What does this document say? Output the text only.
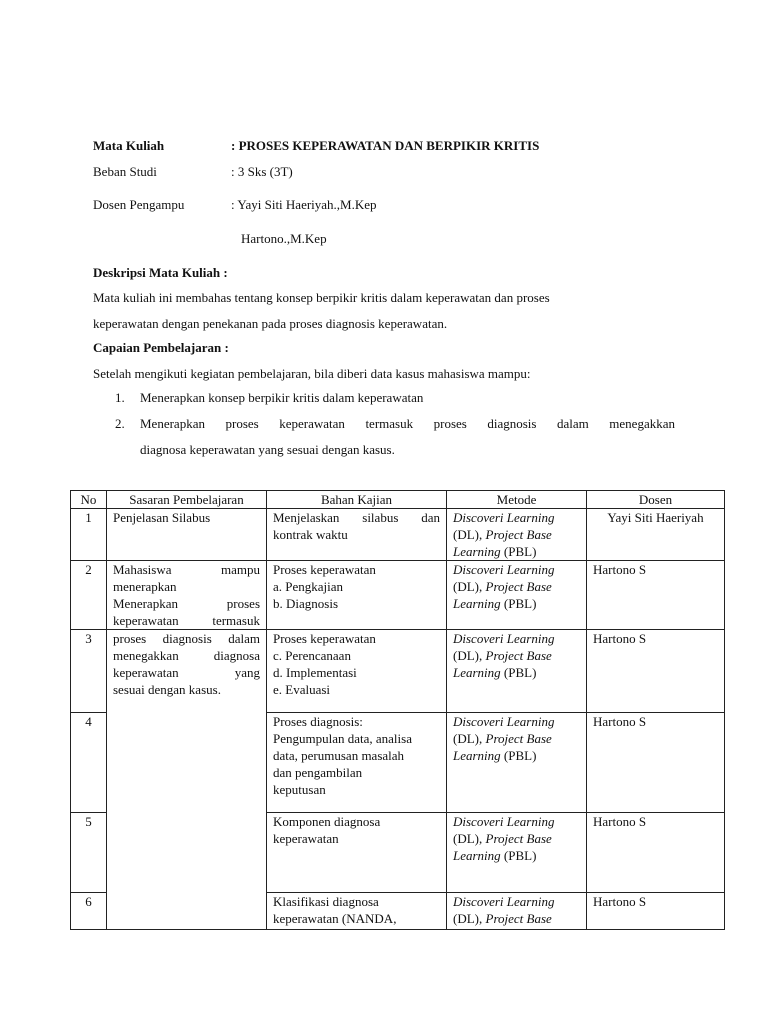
Mata Kuliah	: PROSES KEPERAWATAN DAN BERPIKIR KRITIS
Beban Studi	: 3 Sks (3T)
Dosen Pengampu	: Yayi Siti Haeriyah.,M.Kep
Hartono.,M.Kep
Deskripsi Mata Kuliah :
Mata kuliah ini membahas tentang konsep berpikir kritis dalam keperawatan dan proses
keperawatan dengan penekanan pada proses diagnosis keperawatan.
Capaian Pembelajaran :
Setelah mengikuti kegiatan pembelajaran, bila diberi data kasus mahasiswa mampu:
1. Menerapkan konsep berpikir kritis dalam keperawatan
2. Menerapkan proses keperawatan termasuk proses diagnosis dalam menegakkan
diagnosa keperawatan yang sesuai dengan kasus.
No	Sasaran Pembelajaran	Bahan Kajian	Metode	Dosen
1	Penjelasan Silabus	Menjelaskan silabus dan
kontrak waktu	Discoveri Learning
(DL), Project Base
Learning (PBL)	Yayi Siti Haeriyah
2	Mahasiswa mampu
menerapkan
Menerapkan proses
keperawatan termasuk	Proses keperawatan
a. Pengkajian
b. Diagnosis	Discoveri Learning
(DL), Project Base
Learning (PBL)	Hartono S
3	proses diagnosis dalam
menegakkan diagnosa
keperawatan yang
sesuai dengan kasus.	Proses keperawatan
c. Perencanaan
d. Implementasi
e. Evaluasi	Discoveri Learning
(DL), Project Base
Learning (PBL)	Hartono S
4		Proses diagnosis:
Pengumpulan data, analisa
data, perumusan masalah
dan pengambilan
keputusan	Discoveri Learning
(DL), Project Base
Learning (PBL)	Hartono S
5		Komponen diagnosa
keperawatan	Discoveri Learning
(DL), Project Base
Learning (PBL)	Hartono S
6		Klasifikasi diagnosa
keperawatan (NANDA,	Discoveri Learning
(DL), Project Base	Hartono S
